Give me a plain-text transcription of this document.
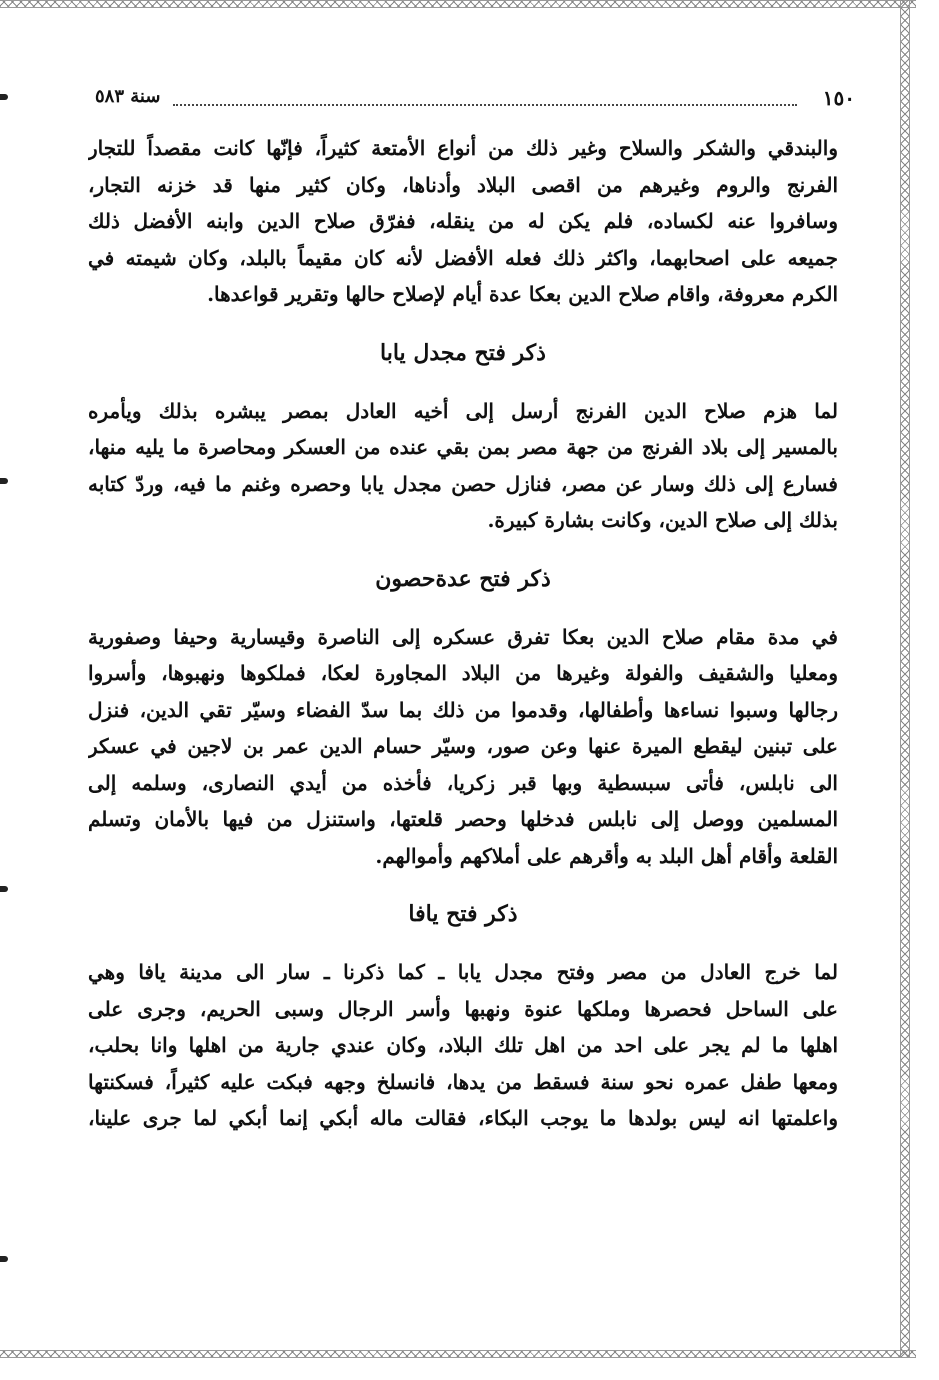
١٥٠
سنة ٥٨٣

والبندقي والشكر والسلاح وغير ذلك من أنواع الأمتعة كثيراً، فإنّها كانت مقصداً للتجار
الفرنج والروم وغيرهم من اقصى البلاد وأدناها، وكان كثير منها قد خزنه التجار،
وسافروا عنه لكساده، فلم يكن له من ينقله، ففرّق صلاح الدين وابنه الأفضل ذلك
جميعه على اصحابهما، واكثر ذلك فعله الأفضل لأنه كان مقيماً بالبلد، وكان شيمته في
الكرم معروفة، واقام صلاح الدين بعكا عدة أيام لإصلاح حالها وتقرير قواعدها.

ذكر فتح مجدل يابا

لما هزم صلاح الدين الفرنج أرسل إلى أخيه العادل بمصر يبشره بذلك ويأمره
بالمسير إلى بلاد الفرنج من جهة مصر بمن بقي عنده من العسكر ومحاصرة ما يليه منها،
فسارع إلى ذلك وسار عن مصر، فنازل حصن مجدل يابا وحصره وغنم ما فيه، وردّ كتابه
بذلك إلى صلاح الدين، وكانت بشارة كبيرة.

ذكر فتح عدةحصون

في مدة مقام صلاح الدين بعكا تفرق عسكره إلى الناصرة وقيسارية وحيفا وصفورية
ومعليا والشقيف والفولة وغيرها من البلاد المجاورة لعكا، فملكوها ونهبوها، وأسروا
رجالها وسبوا نساءها وأطفالها، وقدموا من ذلك بما سدّ الفضاء وسيّر تقي الدين، فنزل
على تبنين ليقطع الميرة عنها وعن صور، وسيّر حسام الدين عمر بن لاجين في عسكر
الى نابلس، فأتى سبسطية وبها قبر زكريا، فأخذه من أيدي النصارى، وسلمه إلى
المسلمين ووصل إلى نابلس فدخلها وحصر قلعتها، واستنزل من فيها بالأمان وتسلم
القلعة وأقام أهل البلد به وأقرهم على أملاكهم وأموالهم.

ذكر فتح يافا

لما خرج العادل من مصر وفتح مجدل يابا ـ كما ذكرنا ـ سار الى مدينة يافا وهي
على الساحل فحصرها وملكها عنوة ونهبها وأسر الرجال وسبى الحريم، وجرى على
اهلها ما لم يجر على احد من اهل تلك البلاد، وكان عندي جارية من اهلها وانا بحلب،
ومعها طفل عمره نحو سنة فسقط من يدها، فانسلخ وجهه فبكت عليه كثيراً، فسكنتها
واعلمتها انه ليس بولدها ما يوجب البكاء، فقالت ماله أبكي إنما أبكي لما جرى علينا،
